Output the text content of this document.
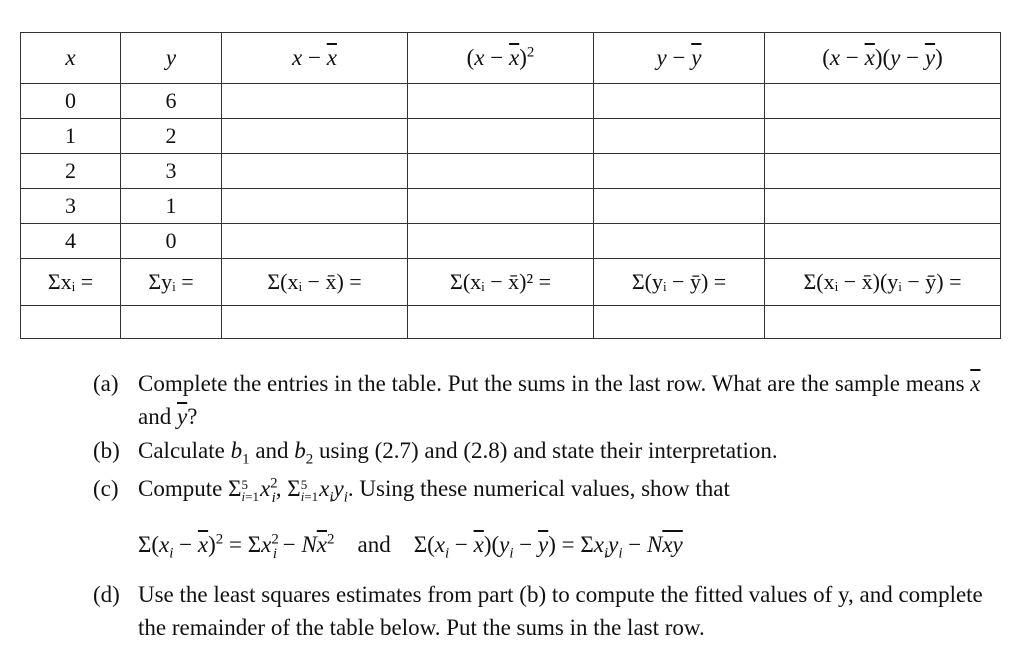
x	y	$x - \overline{x}$	$(x - \overline{x})^2$	$y - \overline{y}$	$(x - \overline{x})(y - \overline{y})$
0	6				
1	2				
2	3				
3	1				
4	0				
Σxᵢ =	Σyᵢ =	Σ(xᵢ − x̄) =	Σ(xᵢ − x̄)² =	Σ(yᵢ − ȳ) =	Σ(xᵢ − x̄)(yᵢ − ȳ) =

(a) Complete the entries in the table. Put the sums in the last row. What are the sample means $\overline{x}$ and $\overline{y}$?
(b) Calculate $b_1$ and $b_2$ using (2.7) and (2.8) and state their interpretation.
(c) Compute Σ5
$i=1x^2_i$, Σ5
$i=1x_iy_i$. Using these numerical values, show that
$\Sigma(x_i - \overline{x})^2 = \Sigma x^2_i - N\overline{x}^2$ and    $\Sigma(x_i - \overline{x})(y_i - \overline{y}) = \Sigma x_iy_i - N\overline{xy}$
(d) Use the least squares estimates from part (b) to compute the fitted values of y, and complete the remainder of the table below. Put the sums in the last row.
